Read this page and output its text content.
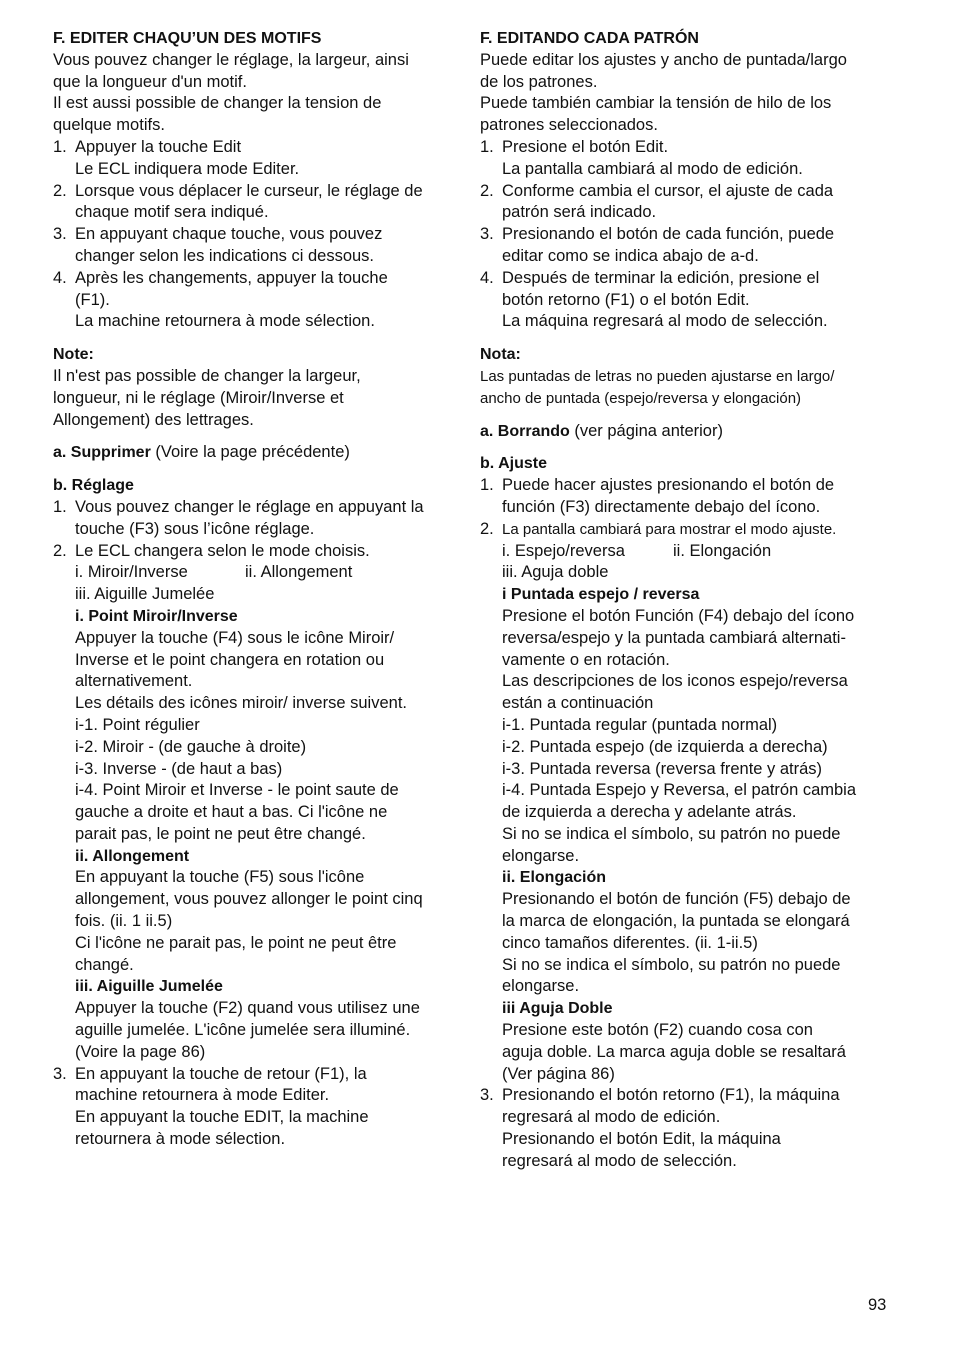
F. EDITER CHAQU’UN DES MOTIFS
Vous pouvez changer le réglage, la largeur, ainsi
que la longueur d'un motif.
Il est aussi possible de changer la tension de
quelque motifs.
1. Appuyer la touche Edit
Le ECL indiquera mode Editer.
2. Lorsque vous déplacer le curseur, le réglage de
chaque motif sera indiqué.
3. En appuyant chaque touche, vous pouvez
changer selon les indications ci dessous.
4. Après les changements, appuyer la touche
(F1).
La machine retournera à mode sélection.
Note:
Il n'est pas possible de changer la largeur,
longueur, ni le réglage (Miroir/Inverse et
Allongement) des lettrages.
a. Supprimer (Voire la page précédente)
b. Réglage
1. Vous pouvez changer le réglage en appuyant la
touche (F3) sous l’icône réglage.
2. Le ECL changera selon le mode choisis.
i. Miroir/Inverse	ii. Allongement
iii. Aiguille Jumelée
i. Point Miroir/Inverse
Appuyer la touche (F4) sous le icône Miroir/
Inverse et le point changera en rotation ou
alternativement.
Les détails des icônes miroir/ inverse suivent.
i-1. Point régulier
i-2. Miroir - (de gauche à droite)
i-3. Inverse - (de haut a bas)
i-4. Point Miroir et Inverse - le point saute de
gauche a droite et haut a bas. Ci l'icône ne
parait pas, le point ne peut être changé.
ii. Allongement
En appuyant la touche (F5) sous l'icône
allongement, vous pouvez allonger le point cinq
fois. (ii. 1 ii.5)
Ci l'icône ne parait pas, le point ne peut être
changé.
iii. Aiguille Jumelée
Appuyer la touche (F2) quand vous utilisez une
aguille jumelée. L'icône jumelée sera illuminé.
(Voire la page 86)
3. En appuyant la touche de retour (F1), la
machine retournera à mode Editer.
En appuyant la touche EDIT, la machine
retournera à mode sélection.
F. EDITANDO CADA PATRÓN
Puede editar los ajustes y ancho de puntada/largo
de los patrones.
Puede también cambiar la tensión de hilo de los
patrones seleccionados.
1. Presione el botón Edit.
La pantalla cambiará al modo de edición.
2. Conforme cambia el cursor, el ajuste de cada
patrón será indicado.
3. Presionando el botón de cada función, puede
editar como se indica abajo de a-d.
4. Después de terminar la edición, presione el
botón retorno (F1) o el botón Edit.
La máquina regresará al modo de selección.
Nota:
Las puntadas de letras no pueden ajustarse en largo/
ancho de puntada (espejo/reversa y elongación)
a. Borrando (ver página anterior)
b. Ajuste
1. Puede hacer ajustes presionando el botón de
función (F3) directamente debajo del ícono.
2. La pantalla cambiará para mostrar el modo ajuste.
i. Espejo/reversa	ii. Elongación
iii. Aguja doble
i Puntada espejo / reversa
Presione el botón Función (F4) debajo del ícono
reversa/espejo y la puntada cambiará alternati-
vamente o en rotación.
Las descripciones de los iconos espejo/reversa
están a continuación
i-1. Puntada regular (puntada normal)
i-2. Puntada espejo (de izquierda a derecha)
i-3. Puntada reversa (reversa frente y atrás)
i-4. Puntada Espejo y Reversa, el patrón cambia
de izquierda a derecha y adelante atrás.
Si no se indica el símbolo, su patrón no puede
elongarse.
ii. Elongación
Presionando el botón de función (F5) debajo de
la marca de elongación, la puntada se elongará
cinco tamaños diferentes. (ii. 1-ii.5)
Si no se indica el símbolo, su patrón no puede
elongarse.
iii Aguja Doble
Presione este botón (F2) cuando cosa con
aguja doble. La marca aguja doble se resaltará
(Ver página 86)
3. Presionando el botón retorno (F1), la máquina
regresará al modo de edición.
Presionando el botón Edit, la máquina
regresará al modo de selección.
93
